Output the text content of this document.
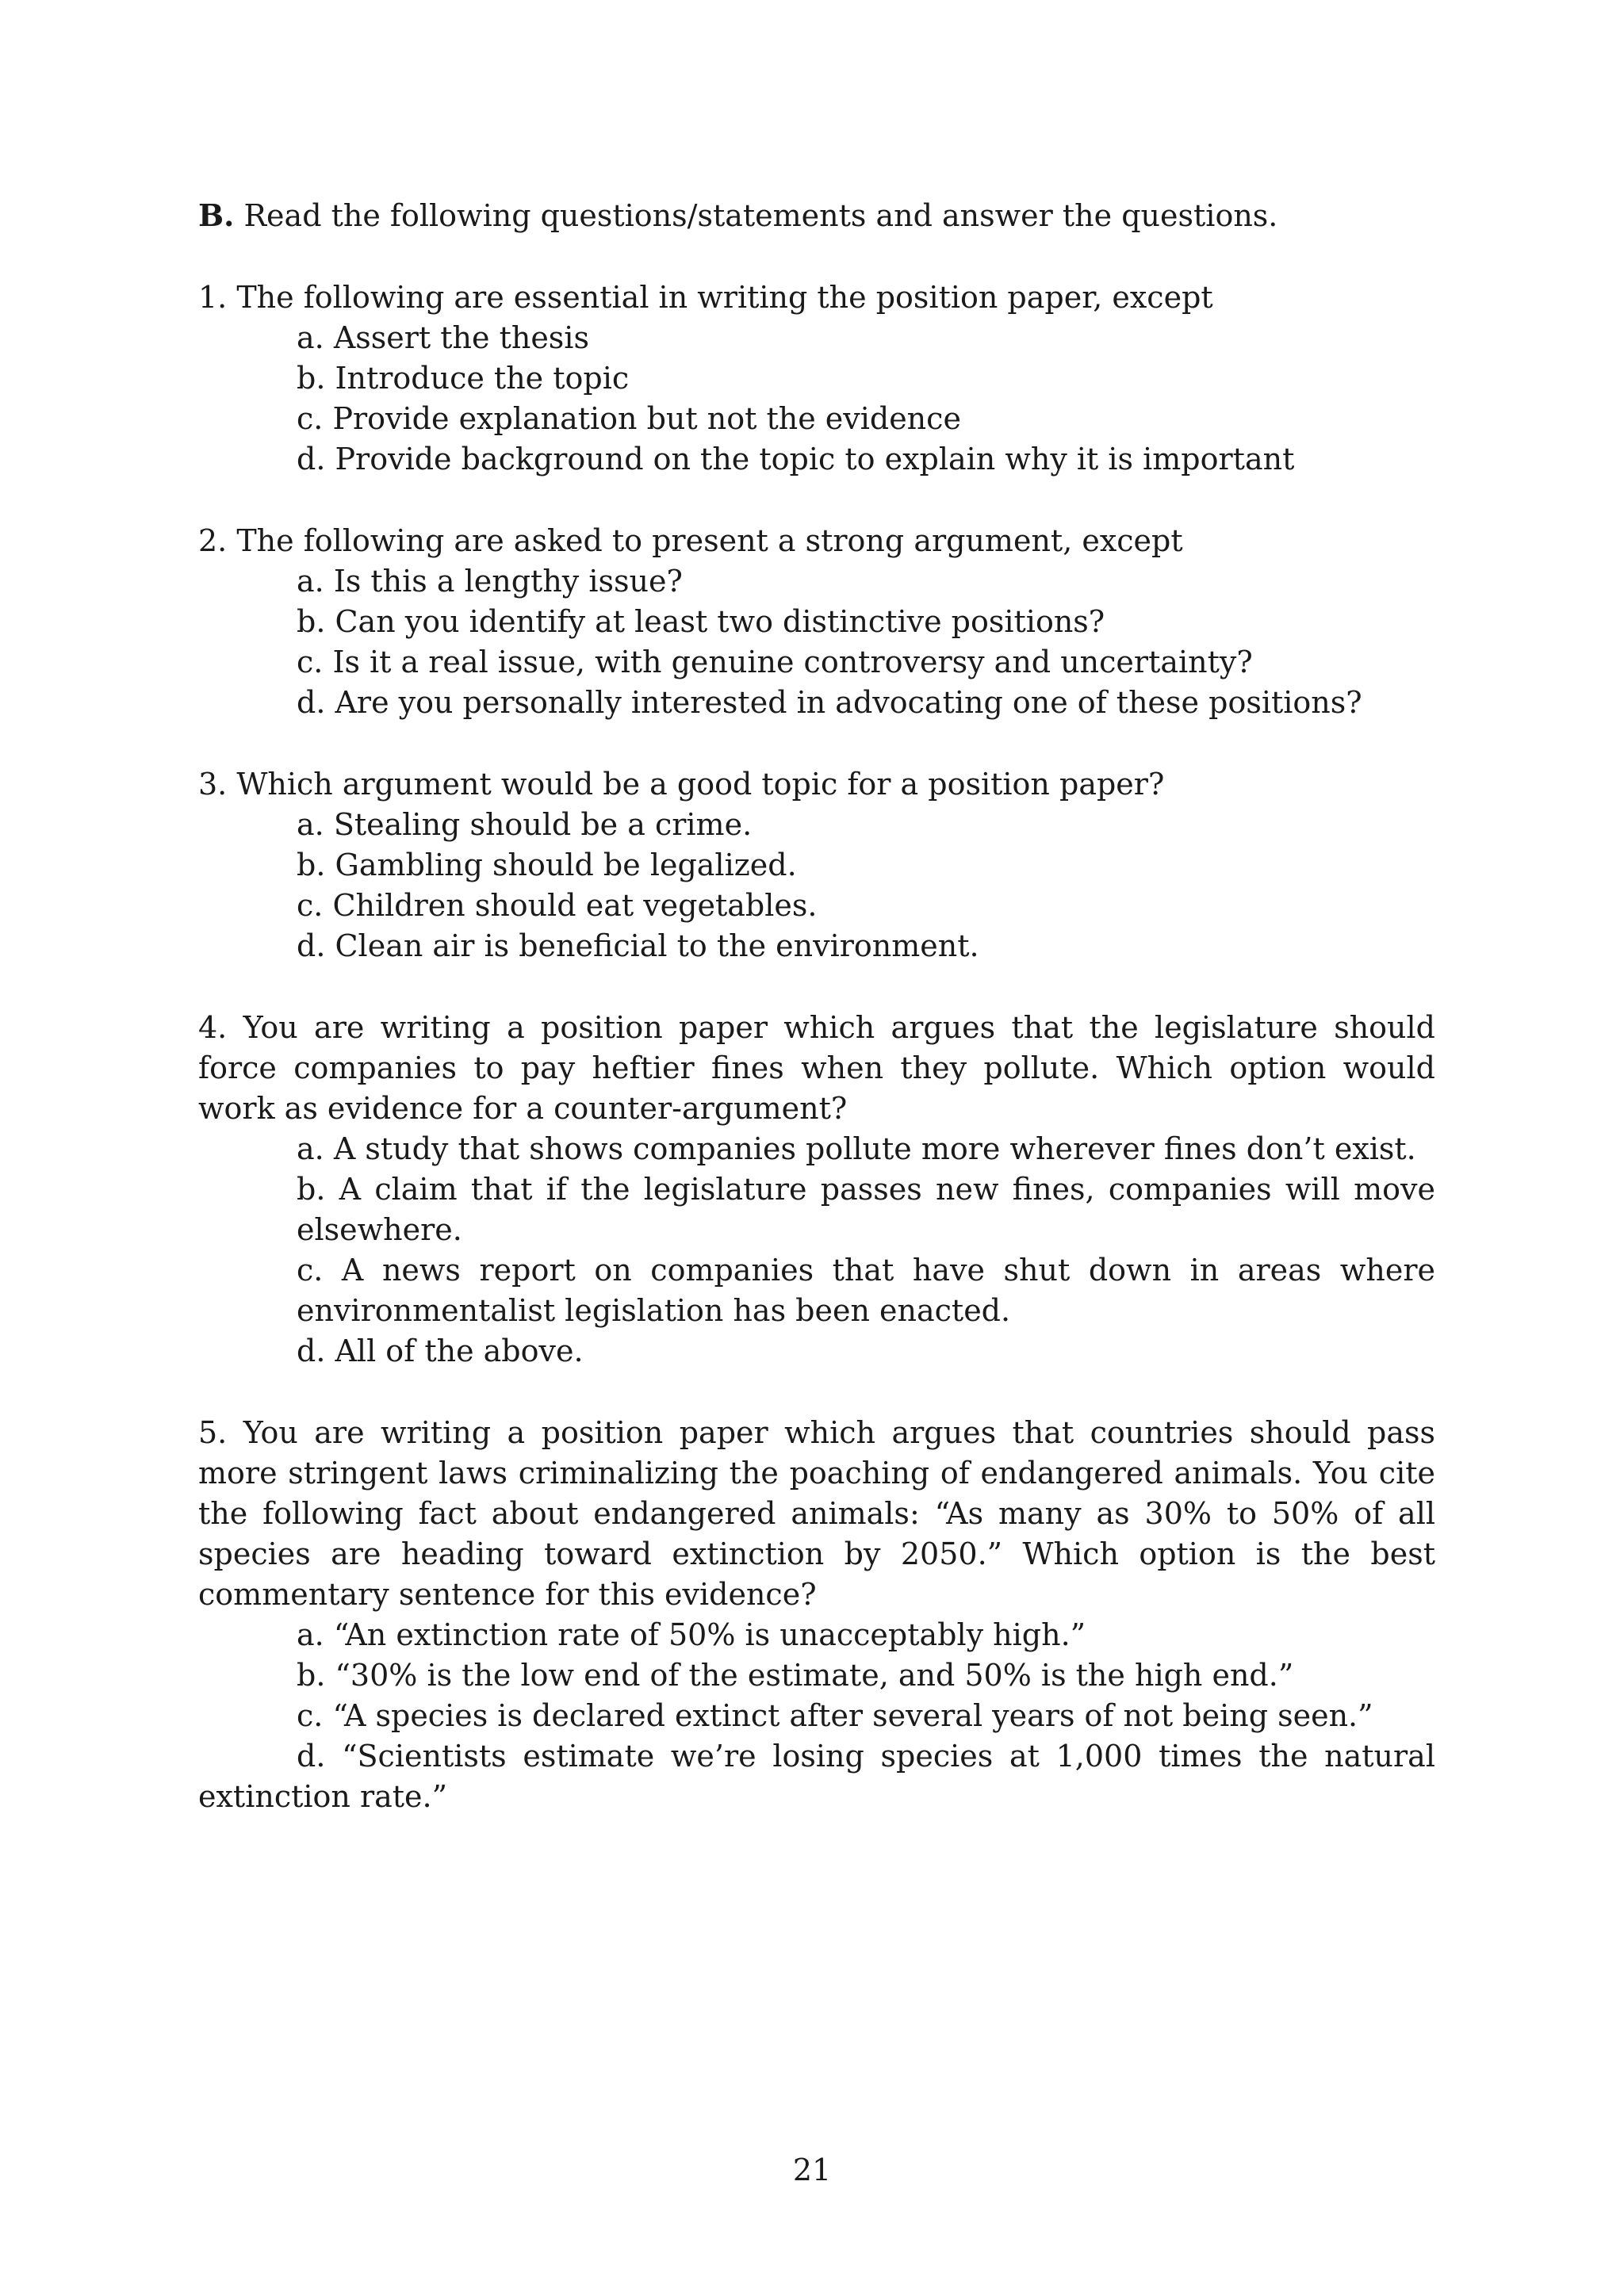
B. Read the following questions/statements and answer the questions.

1. The following are essential in writing the position paper, except

a. Assert the thesis
b. Introduce the topic
c. Provide explanation but not the evidence
d. Provide background on the topic to explain why it is important

2. The following are asked to present a strong argument, except

a. Is this a lengthy issue?
b. Can you identify at least two distinctive positions?
c. Is it a real issue, with genuine controversy and uncertainty?
d. Are you personally interested in advocating one of these positions?

3. Which argument would be a good topic for a position paper?

a. Stealing should be a crime.
b. Gambling should be legalized.
c. Children should eat vegetables.
d. Clean air is beneficial to the environment.

4. You are writing a position paper which argues that the legislature should force companies to pay heftier fines when they pollute. Which option would work as evidence for a counter-argument?

a. A study that shows companies pollute more wherever fines don’t exist.
b. A claim that if the legislature passes new fines, companies will move elsewhere.
c. A news report on companies that have shut down in areas where environmentalist legislation has been enacted.
d. All of the above.

5. You are writing a position paper which argues that countries should pass more stringent laws criminalizing the poaching of endangered animals. You cite the following fact about endangered animals: “As many as 30% to 50% of all species are heading toward extinction by 2050.” Which option is the best commentary sentence for this evidence?

a. “An extinction rate of 50% is unacceptably high.”
b. “30% is the low end of the estimate, and 50% is the high end.”
c. “A species is declared extinct after several years of not being seen.”
d. “Scientists estimate we’re losing species at 1,000 times the natural extinction rate.”
21
